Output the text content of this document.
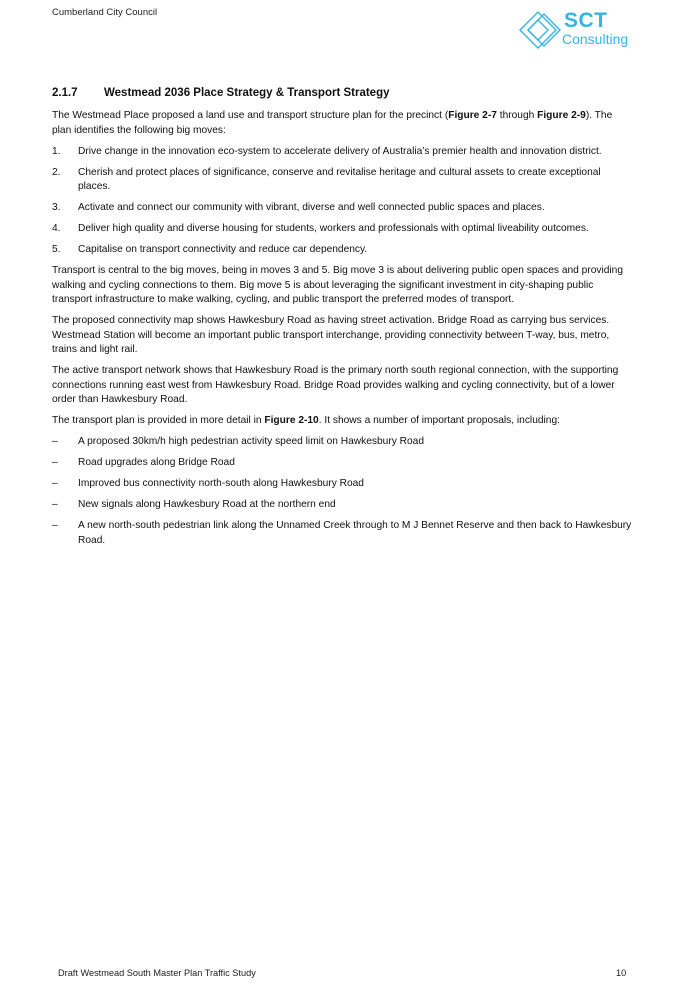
Cumberland City Council	SCT
Consulting
2.1.7	Westmead 2036 Place Strategy & Transport Strategy

The Westmead Place proposed a land use and transport structure plan for the precinct (Figure 2-7 through Figure 2-9). The plan identifies the following big moves:

1.	Drive change in the innovation eco-system to accelerate delivery of Australia’s premier health and innovation district.
2.	Cherish and protect places of significance, conserve and revitalise heritage and cultural assets to create exceptional places.
3.	Activate and connect our community with vibrant, diverse and well connected public spaces and places.
4.	Deliver high quality and diverse housing for students, workers and professionals with optimal liveability outcomes.
5.	Capitalise on transport connectivity and reduce car dependency.

Transport is central to the big moves, being in moves 3 and 5. Big move 3 is about delivering public open spaces and providing walking and cycling connections to them. Big move 5 is about leveraging the significant investment in city-shaping public transport infrastructure to make walking, cycling, and public transport the preferred modes of transport.

The proposed connectivity map shows Hawkesbury Road as having street activation. Bridge Road as carrying bus services. Westmead Station will become an important public transport interchange, providing connectivity between T-way, bus, metro, trains and light rail.

The active transport network shows that Hawkesbury Road is the primary north south regional connection, with the supporting connections running east west from Hawkesbury Road. Bridge Road provides walking and cycling connectivity, but of a lower order than Hawkesbury Road.

The transport plan is provided in more detail in Figure 2-10. It shows a number of important proposals, including:

–	A proposed 30km/h high pedestrian activity speed limit on Hawkesbury Road
–	Road upgrades along Bridge Road
–	Improved bus connectivity north-south along Hawkesbury Road
–	New signals along Hawkesbury Road at the northern end
–	A new north-south pedestrian link along the Unnamed Creek through to M J Bennet Reserve and then back to Hawkesbury Road.
Draft Westmead South Master Plan Traffic Study	10
